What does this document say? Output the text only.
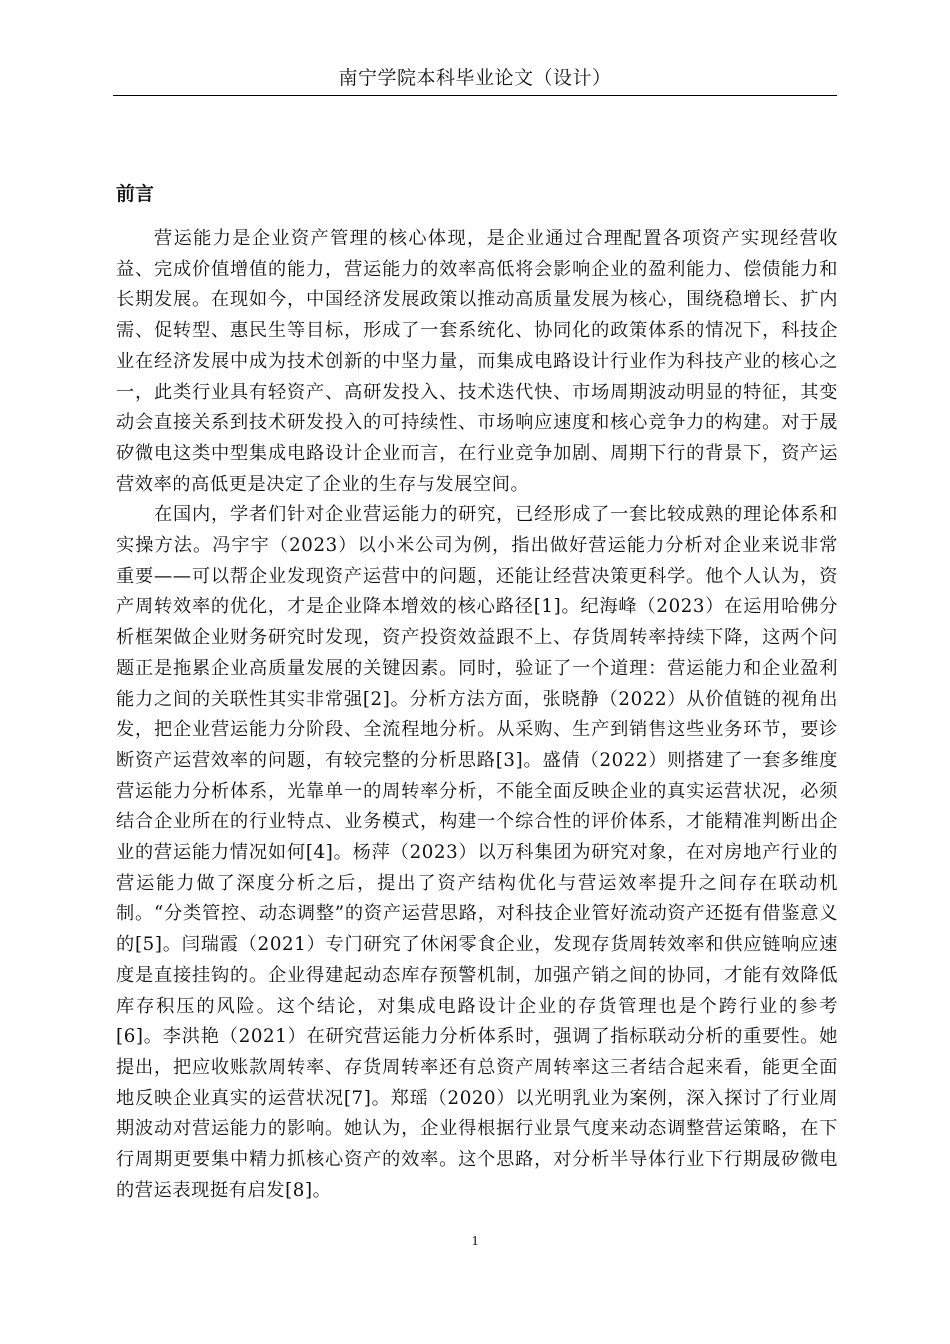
南宁学院本科毕业论文（设计）
前言

营运能力是企业资产管理的核心体现，是企业通过合理配置各项资产实现经营收益、完成价值增值的能力，营运能力的效率高低将会影响企业的盈利能力、偿债能力和长期发展。在现如今，中国经济发展政策以推动高质量发展为核心，围绕稳增长、扩内需、促转型、惠民生等目标，形成了一套系统化、协同化的政策体系的情况下，科技企业在经济发展中成为技术创新的中坚力量，而集成电路设计行业作为科技产业的核心之一，此类行业具有轻资产、高研发投入、技术迭代快、市场周期波动明显的特征，其变动会直接关系到技术研发投入的可持续性、市场响应速度和核心竞争力的构建。对于晟矽微电这类中型集成电路设计企业而言，在行业竞争加剧、周期下行的背景下，资产运营效率的高低更是决定了企业的生存与发展空间。

在国内，学者们针对企业营运能力的研究，已经形成了一套比较成熟的理论体系和实操方法。冯宇宇（2023）以小米公司为例，指出做好营运能力分析对企业来说非常重要——可以帮企业发现资产运营中的问题，还能让经营决策更科学。他个人认为，资产周转效率的优化，才是企业降本增效的核心路径[1]。纪海峰（2023）在运用哈佛分析框架做企业财务研究时发现，资产投资效益跟不上、存货周转率持续下降，这两个问题正是拖累企业高质量发展的关键因素。同时，验证了一个道理：营运能力和企业盈利能力之间的关联性其实非常强[2]。分析方法方面，张晓静（2022）从价值链的视角出发，把企业营运能力分阶段、全流程地分析。从采购、生产到销售这些业务环节，要诊断资产运营效率的问题，有较完整的分析思路[3]。盛倩（2022）则搭建了一套多维度营运能力分析体系，光靠单一的周转率分析，不能全面反映企业的真实运营状况，必须结合企业所在的行业特点、业务模式，构建一个综合性的评价体系，才能精准判断出企业的营运能力情况如何[4]。杨萍（2023）以万科集团为研究对象，在对房地产行业的营运能力做了深度分析之后，提出了资产结构优化与营运效率提升之间存在联动机制。“分类管控、动态调整”的资产运营思路，对科技企业管好流动资产还挺有借鉴意义的[5]。闫瑞霞（2021）专门研究了休闲零食企业，发现存货周转效率和供应链响应速度是直接挂钩的。企业得建起动态库存预警机制，加强产销之间的协同，才能有效降低库存积压的风险。这个结论，对集成电路设计企业的存货管理也是个跨行业的参考[6]。李洪艳（2021）在研究营运能力分析体系时，强调了指标联动分析的重要性。她提出，把应收账款周转率、存货周转率还有总资产周转率这三者结合起来看，能更全面地反映企业真实的运营状况[7]。郑瑶（2020）以光明乳业为案例，深入探讨了行业周期波动对营运能力的影响。她认为，企业得根据行业景气度来动态调整营运策略，在下行周期更要集中精力抓核心资产的效率。这个思路，对分析半导体行业下行期晟矽微电的营运表现挺有启发[8]。

1
